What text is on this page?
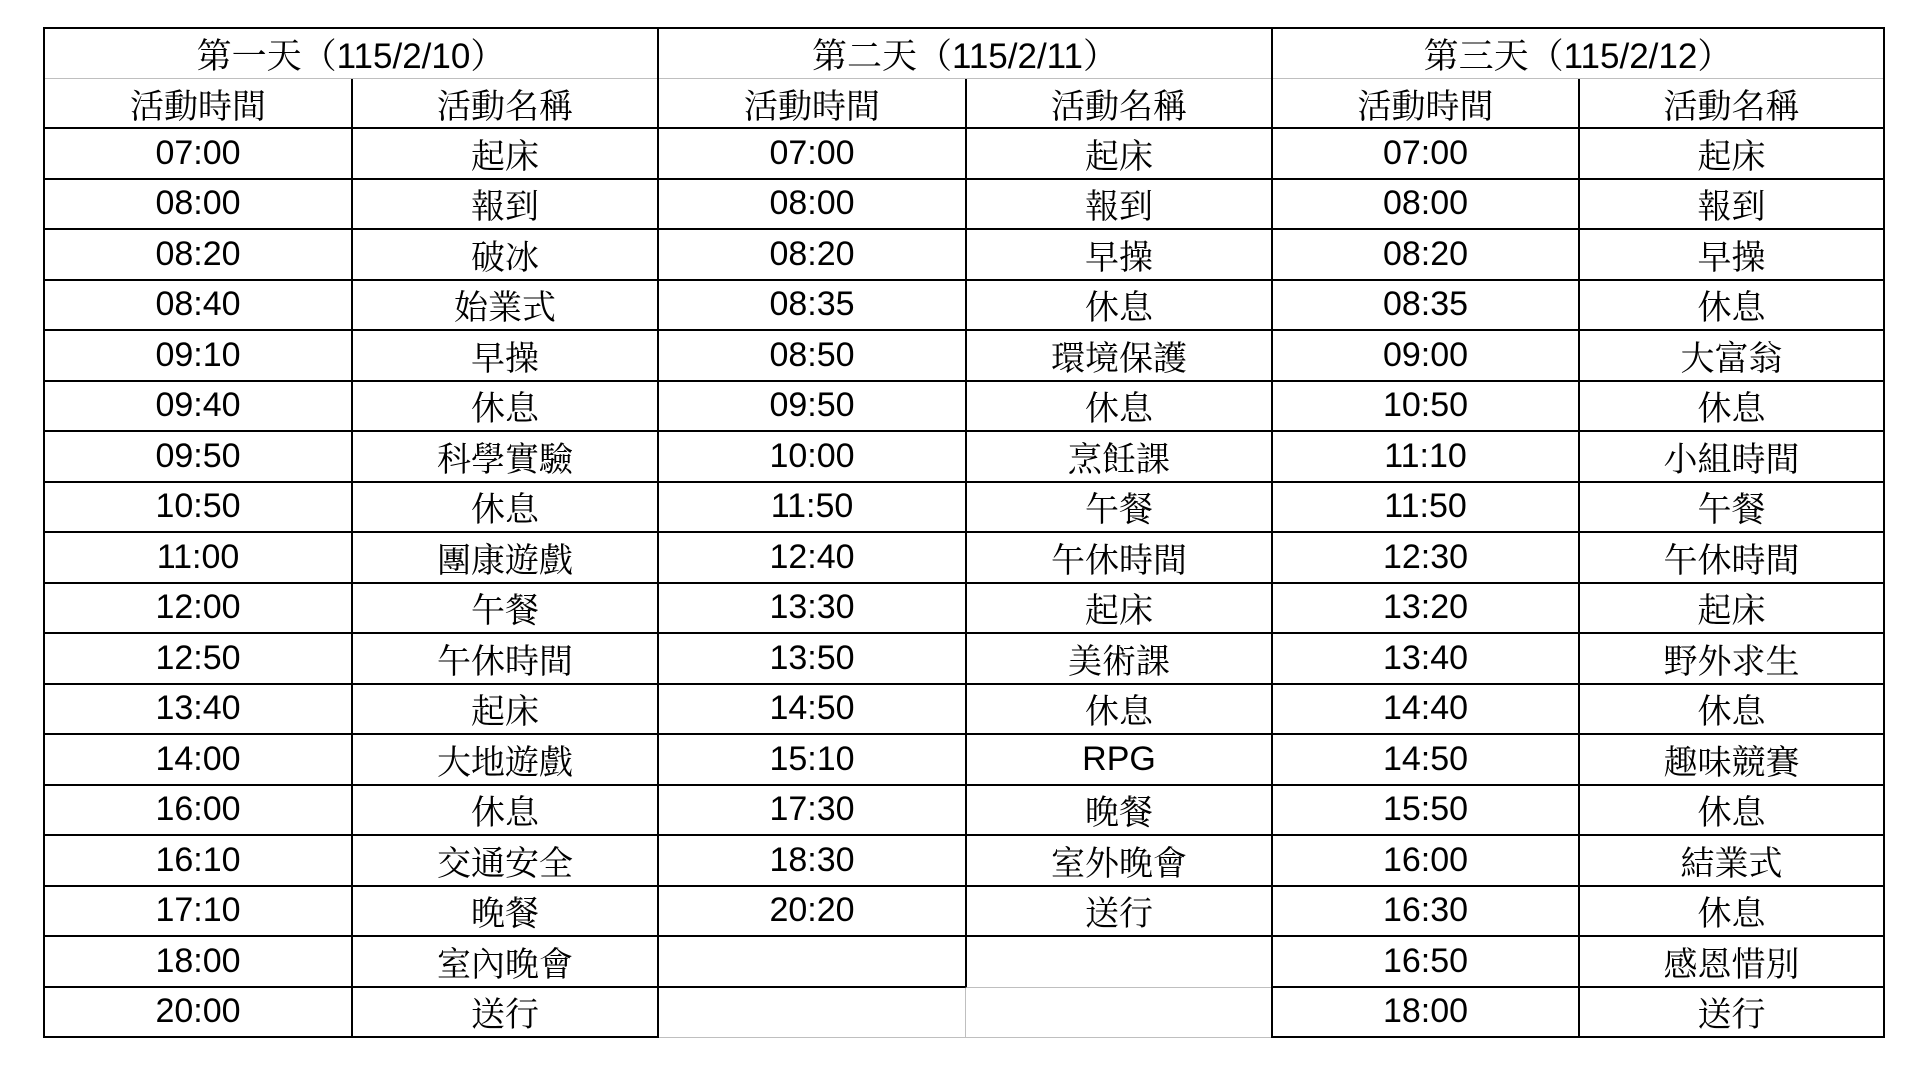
第一天（115/2/10）
活動時間	活動名稱
07:00	起床
08:00	報到
08:20	破冰
08:40	始業式
09:10	早操
09:40	休息
09:50	科學實驗
10:50	休息
11:00	團康遊戲
12:00	午餐
12:50	午休時間
13:40	起床
14:00	大地遊戲
16:00	休息
16:10	交通安全
17:10	晚餐
18:00	室內晚會
20:00	送行
第二天（115/2/11）
活動時間	活動名稱
07:00	起床
08:00	報到
08:20	早操
08:35	休息
08:50	環境保護
09:50	休息
10:00	烹飪課
11:50	午餐
12:40	午休時間
13:30	起床
13:50	美術課
14:50	休息
15:10	RPG
17:30	晚餐
18:30	室外晚會
20:20	送行
第三天（115/2/12）
活動時間	活動名稱
07:00	起床
08:00	報到
08:20	早操
08:35	休息
09:00	大富翁
10:50	休息
11:10	小組時間
11:50	午餐
12:30	午休時間
13:20	起床
13:40	野外求生
14:40	休息
14:50	趣味競賽
15:50	休息
16:00	結業式
16:30	休息
16:50	感恩惜別
18:00	送行
